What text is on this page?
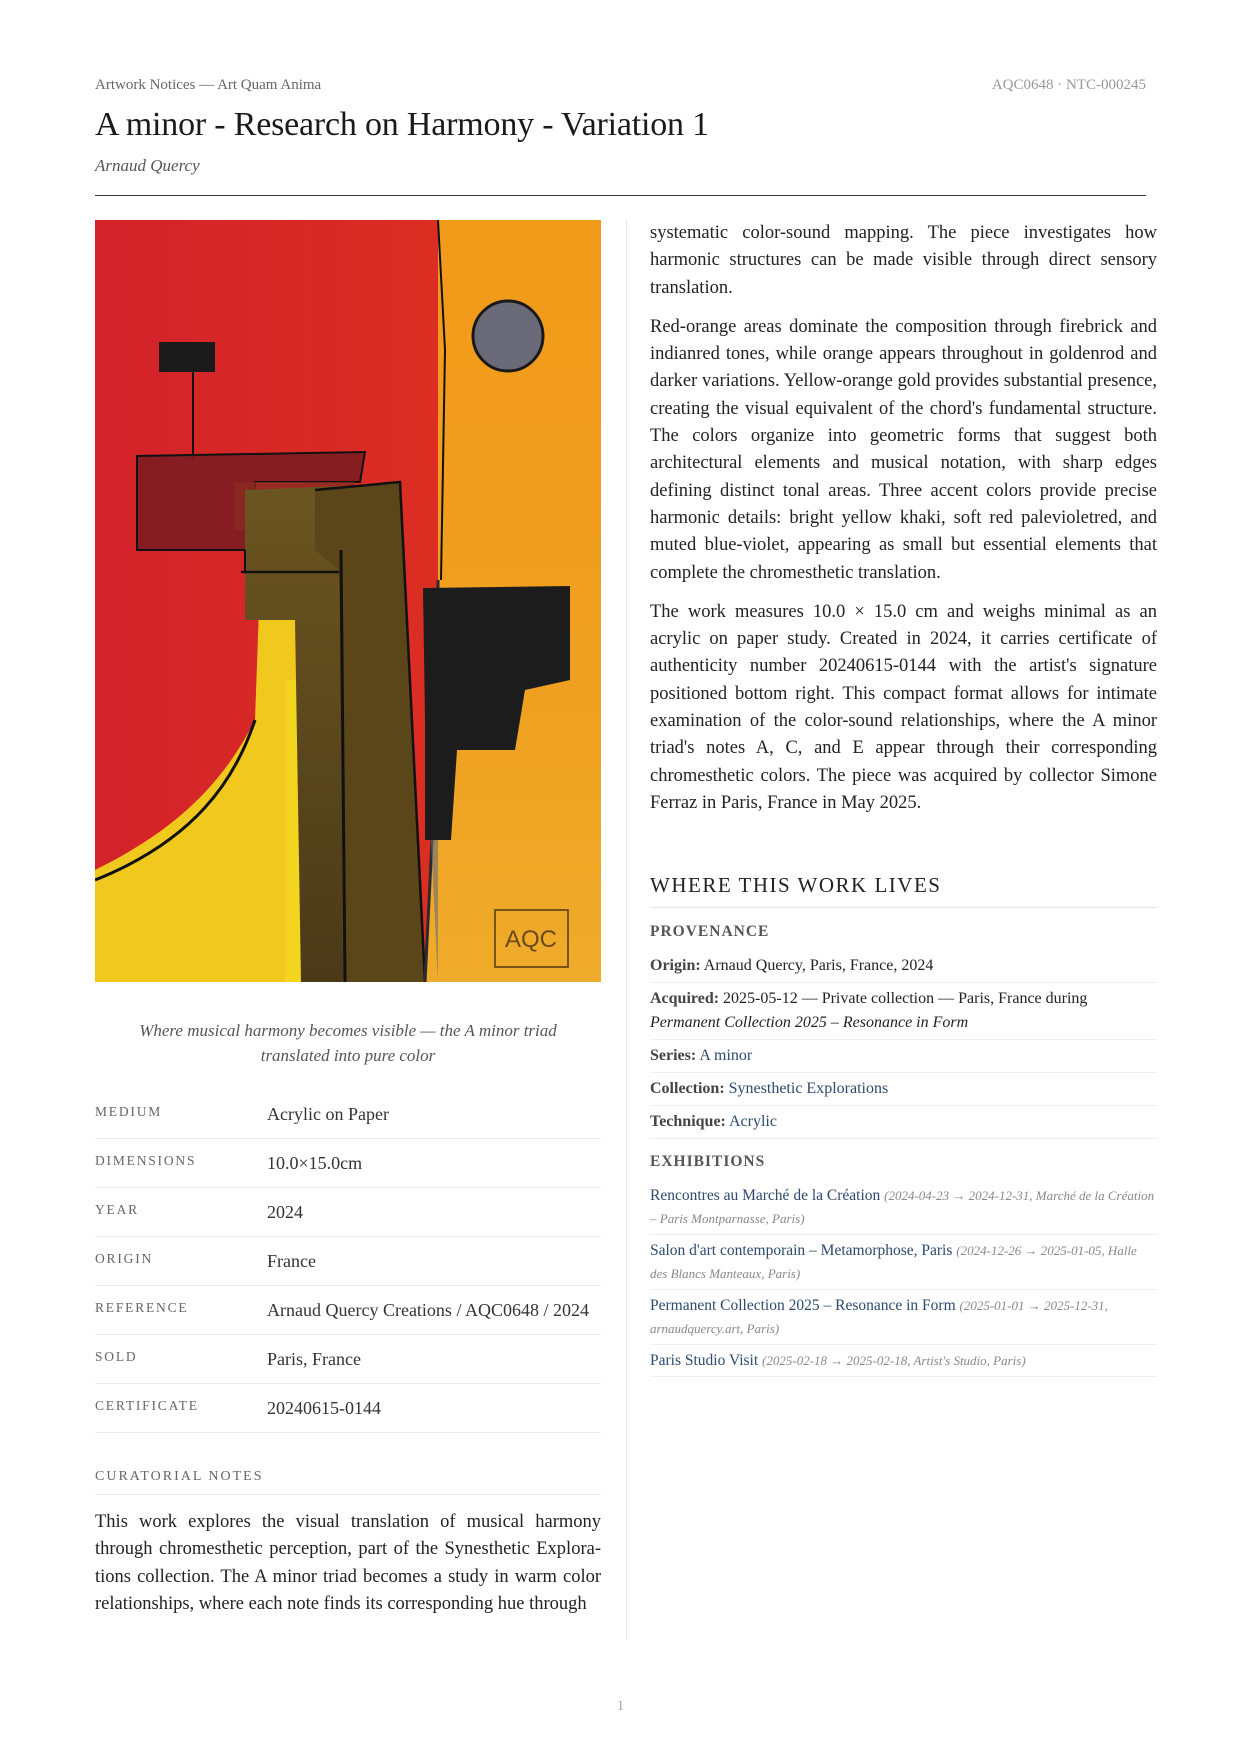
Artwork Notices — Art Quam Anima	AQC0648 · NTC-000245
A minor - Research on Harmony - Variation 1
Arnaud Quercy
AQC
Where musical harmony becomes visible — the A minor triad translated into pure color
MEDIUM	Acrylic on Paper
DIMENSIONS	10.0×15.0cm
YEAR	2024
ORIGIN	France
REFERENCE	Arnaud Quercy Creations / AQC0648 / 2024
SOLD	Paris, France
CERTIFICATE	20240615-0144
CURATORIAL NOTES
This work explores the visual translation of musical harmony through chromesthetic perception, part of the Synesthetic Explorations collection. The A minor triad becomes a study in warm color relationships, where each note finds its corresponding hue through

systematic color-sound mapping. The piece investigates how harmonic structures can be made visible through direct sensory translation.

Red-orange areas dominate the composition through firebrick and indianred tones, while orange appears throughout in goldenrod and darker variations. Yellow-orange gold provides substantial presence, creating the visual equivalent of the chord's fundamental structure. The colors organize into geometric forms that suggest both architectural elements and musical notation, with sharp edges defining distinct tonal areas. Three accent colors provide precise harmonic details: bright yellow khaki, soft red palevioletred, and muted blue-violet, appearing as small but essential elements that complete the chromesthetic translation.

The work measures 10.0 × 15.0 cm and weighs minimal as an acrylic on paper study. Created in 2024, it carries certificate of authenticity number 20240615-0144 with the artist's signature positioned bottom right. This compact format allows for intimate examination of the color-sound relationships, where the A minor triad's notes A, C, and E appear through their corresponding chromesthetic colors. The piece was acquired by collector Simone Ferraz in Paris, France in May 2025.

WHERE THIS WORK LIVES
PROVENANCE
Origin: Arnaud Quercy, Paris, France, 2024
Acquired: 2025-05-12 — Private collection — Paris, France during Permanent Collection 2025 – Resonance in Form
Series: A minor
Collection: Synesthetic Explorations
Technique: Acrylic
EXHIBITIONS
Rencontres au Marché de la Création (2024-04-23 → 2024-12-31, Marché de la Création – Paris Montparnasse, Paris)
Salon d'art contemporain – Metamorphose, Paris (2024-12-26 → 2025-01-05, Halle des Blancs Manteaux, Paris)
Permanent Collection 2025 – Resonance in Form (2025-01-01 → 2025-12-31, arnaudquercy.art, Paris)
Paris Studio Visit (2025-02-18 → 2025-02-18, Artist's Studio, Paris)
1
